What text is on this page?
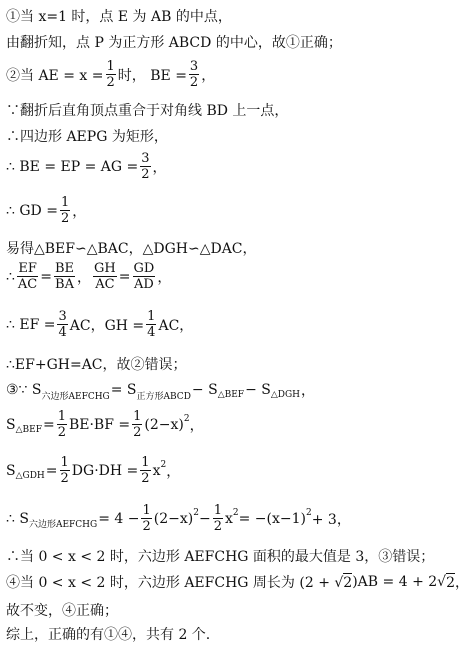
①当 x=1 时，点 E 为 AB 的中点，
由翻折知，点 P 为正方形 ABCD 的中心，故①正确；
②当 AE = $x = \frac{1}{2}$ 时， BE = $\frac{3}{2}$ ，
∵翻折后直角顶点重合于对角线 BD 上一点，
∴四边形 AEPG 为矩形，
∴ BE = EP = AG = $\frac{3}{2}$ ，
∴ GD = $\frac{1}{2}$ ，
易得△BEF∽△BAC，△DGH∽△DAC，
∴ $\frac{EF}{AC} = \frac{BE}{BA}$ ， $\frac{GH}{AC} = \frac{GD}{AD}$ ，
∴ EF = $\frac{3}{4}$ AC，GH = $\frac{1}{4}$ AC，
∴EF+GH=AC，故②错误；
③∵ S 六边形AEFCHG = S 正方形ABCD − S △BEF − S △DGH ，
S △BEF = $\frac{1}{2} BE\cdot BF = \frac{1}{2} (2-x)$ 2 ，
S △GDH = $\frac{1}{2} DG\cdot DH = \frac{1}{2}$ x 2 ，
∴ S 六边形AEFCHG = $4 - \frac{1}{2} (2-x) 2 - \frac{1}{2}$ x 2 = −(x−1) 2 + 3，
∴当 0 < x < 2 时，六边形 AEFCHG 面积的最大值是 3，③错误；
④当 0 < x < 2 时，六边形 AEFCHG 周长为 (2 + √ 2 )AB = 4 + 2√ 2 ，
故不变，④正确；
综上，正确的有①④，共有 2 个.
